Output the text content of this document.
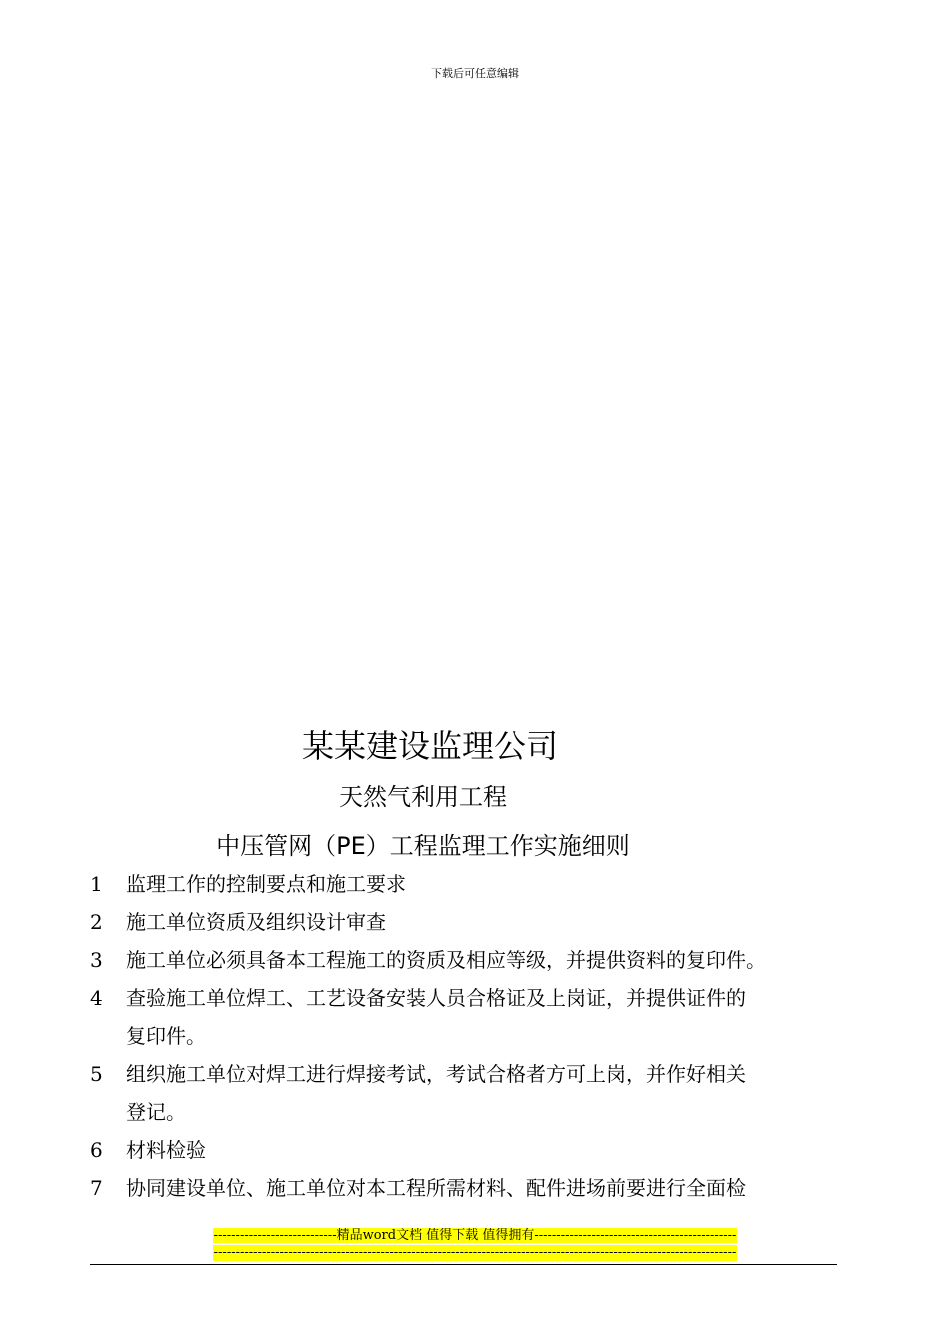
下载后可任意编辑
某某建设监理公司
天然气利用工程
中压管网（PE）工程监理工作实施细则
1	监理工作的控制要点和施工要求
2	施工单位资质及组织设计审查
3	施工单位必须具备本工程施工的资质及相应等级，并提供资料的复印件。
4	查验施工单位焊工、工艺设备安装人员合格证及上岗证，并提供证件的
复印件。
5	组织施工单位对焊工进行焊接考试，考试合格者方可上岗，并作好相关
登记。
6	材料检验
7	协同建设单位、施工单位对本工程所需材料、配件进场前要进行全面检
----------------------------精品word文档 值得下载 值得拥有----------------------------------------------
-----------------------------------------------------------------------------------------------------------------------
